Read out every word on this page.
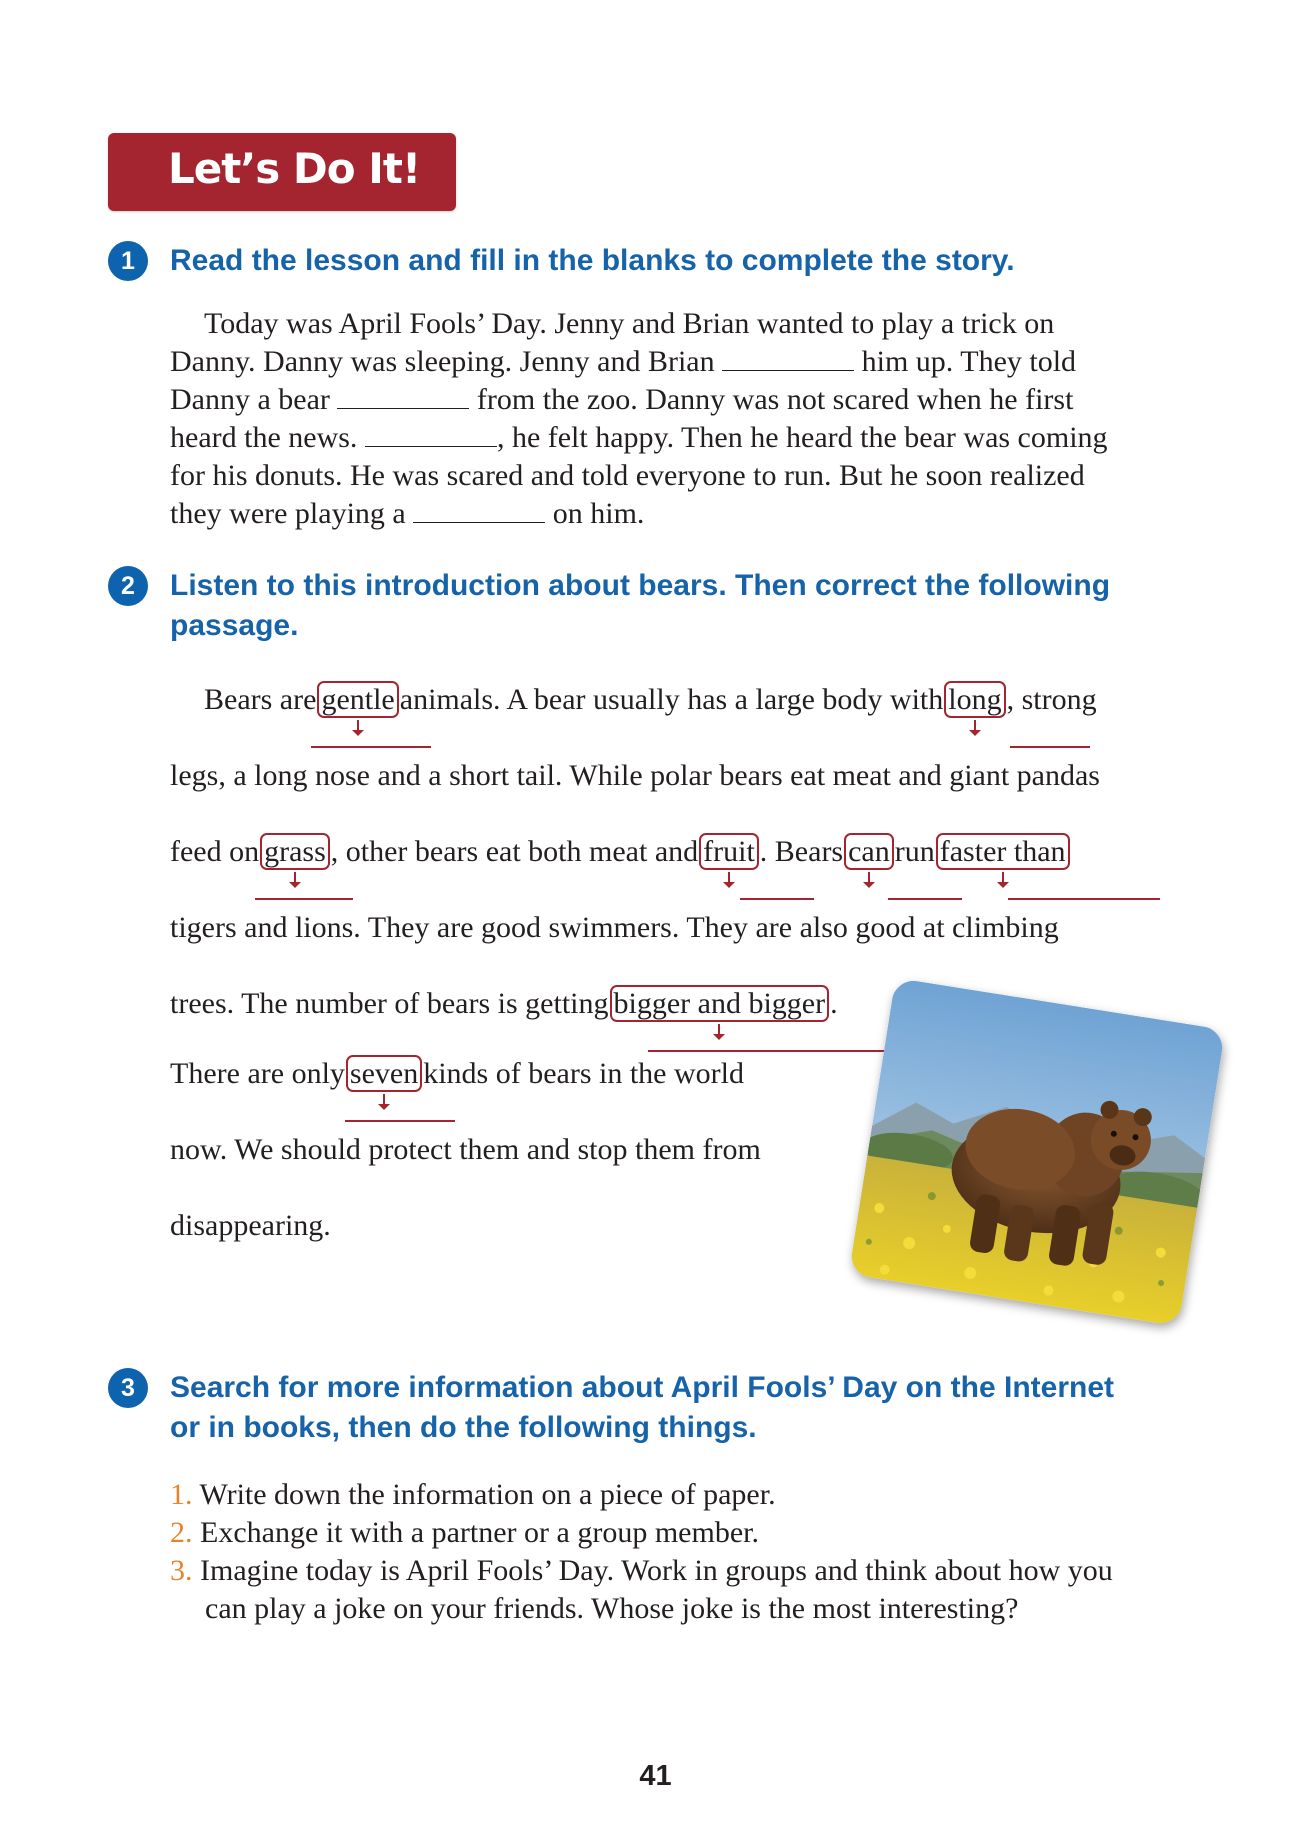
Let’s Do It!
1	Read the lesson and fill in the blanks to complete the story.
Today was April Fools’ Day. Jenny and Brian wanted to play a trick on
Danny. Danny was sleeping. Jenny and Brian	him up. They told
Danny a bear	from the zoo. Danny was not scared when he first
heard the news.	, he felt happy. Then he heard the bear was coming
for his donuts. He was scared and told everyone to run. But he soon realized
they were playing a	on him.
2	Listen to this introduction about bears. Then correct the following
passage.
Bears are gentle animals. A bear usually has a large body with long , strong
legs, a long nose and a short tail. While polar bears eat meat and giant pandas
feed on grass , other bears eat both meat and fruit . Bears can run faster than
tigers and lions. They are good swimmers. They are also good at climbing
trees. The number of bears is getting bigger and bigger .
There are only seven kinds of bears in the world
now. We should protect them and stop them from
disappearing.
3	Search for more information about April Fools’ Day on the Internet
or in books, then do the following things.
1. Write down the information on a piece of paper.
2. Exchange it with a partner or a group member.
3. Imagine today is April Fools’ Day. Work in groups and think about how you
can play a joke on your friends. Whose joke is the most interesting?
41
